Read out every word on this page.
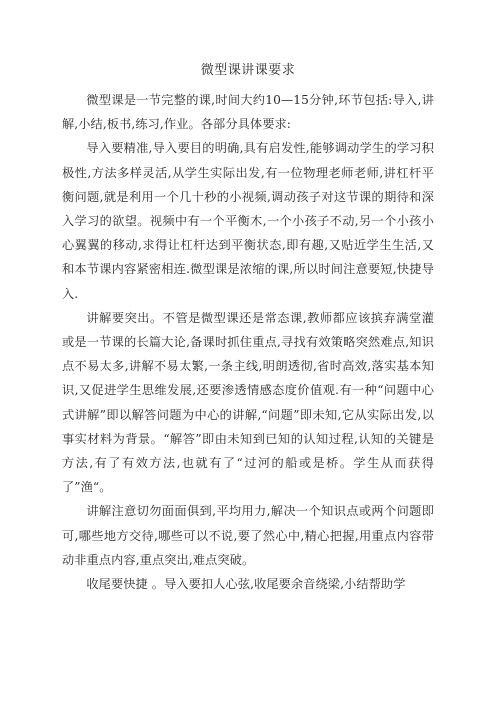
微型课讲课要求

微型课是一节完整的课,时间大约10—15分钟,环节包括:导入,讲解,小结,板书,练习,作业。各部分具体要求:

导入要精准,导入要目的明确,具有启发性,能够调动学生的学习积极性,方法多样灵活,从学生实际出发,有一位物理老师老师,讲杠杆平衡问题,就是利用一个几十秒的小视频,调动孩子对这节课的期待和深入学习的欲望。视频中有一个平衡木,一个小孩子不动,另一个小孩小心翼翼的移动,求得让杠杆达到平衡状态,即有趣,又贴近学生生活,又和本节课内容紧密相连.微型课是浓缩的课,所以时间注意要短,快捷导入.

讲解要突出。不管是微型课还是常态课,教师都应该摈弃满堂灌或是一节课的长篇大论,备课时抓住重点,寻找有效策略突然难点,知识点不易太多,讲解不易太繁,一条主线,明朗透彻,省时高效,落实基本知识,又促进学生思维发展,还要渗透情感态度价值观.有一种“问题中心式讲解”即以解答问题为中心的讲解,“问题”即未知,它从实际出发,以事实材料为背景。“解答”即由未知到已知的认知过程,认知的关键是方法,有了有效方法,也就有了“过河的船或是桥。学生从而获得了”渔“。

讲解注意切勿面面俱到,平均用力,解决一个知识点或两个问题即可,哪些地方交待,哪些可以不说,要了然心中,精心把握,用重点内容带动非重点内容,重点突出,难点突破。

收尾要快捷 。导入要扣人心弦,收尾要余音绕梁,小结帮助学
